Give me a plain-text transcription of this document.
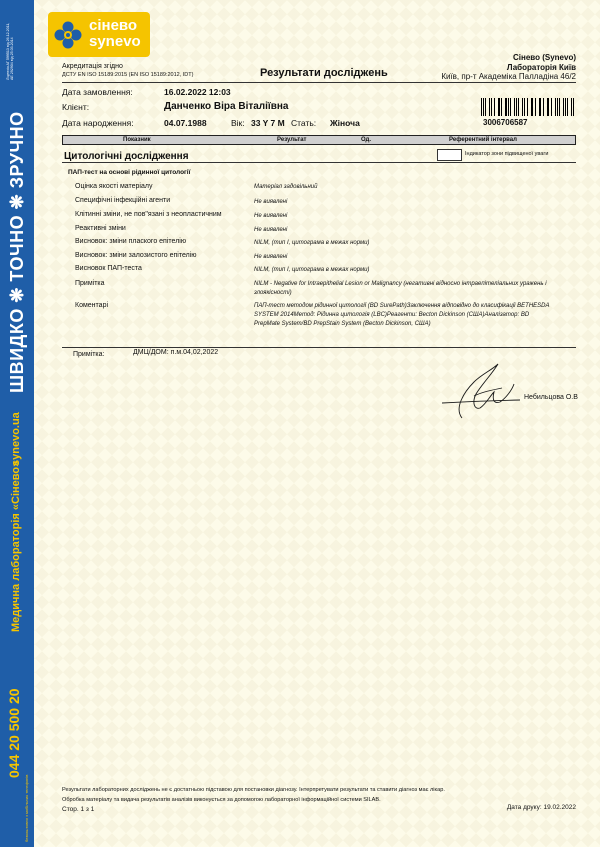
Ліцензія АГ 599513 від 26.12.2011, АЕ 292904 від 25.03.2014
ШВИДКО ❋ ТОЧНО ❋ ЗРУЧНО
synevo.ua
Медична лабораторія «Сінево»
044 20 500 20
безкоштовно з мобільних телефонів
сінево
synevo
Акредитація згідно
ДСТУ EN ISO 15189:2015 (EN ISO 15189:2012, IDT)	Результати досліджень
Сінево (Synevo)
Лабораторія Київ
Київ, пр-т Академіка Палладіна 46/2
Дата замовлення:	16.02.2022 12:03
Клієнт:	Данченко Віра Віталіївна
Дата народження:	04.07.1988	Вік: 33 Y 7 M Стать: Жіноча	3006706587
Показник	Результат	Од.	Референтний інтервал
Цитологічні дослідження	Індикатор зони підвищеної уваги
ПАП-тест на основі рідинної цитології
Оцінка якості матеріалу	Матеріал задовільний
Специфічні інфекційні агенти	Не виявлені
Клітинні зміни, не пов"язані з неопластичним	Не виявлені
Реактивні зміни	Не виявлені
Висновок: зміни плаского епітелію	NILM, (тип І, цитограма в межах норми)
Висновок: зміни залозистого епітелію	Не виявлені
Висновок ПАП-теста	NILM, (тип І, цитограма в межах норми)
Примітка	NILM - Negative for Intraepithelial Lesion or Malignancy (негативні відносно інтраепітеліальних уражень і злоякісності)
Коментарі	ПАП-тест методом рідинної цитології (BD SurePath)Заключення відповідно до класифікації BETHESDA SYSTEM 2014Метод: Рідинна цитологія (LBC)Реагенти: Becton Dickinson (США)Аналізатор: BD PrepMate System/BD PrepStain System (Becton Dickinson, США)
Примітка:	ДМЦ/ДОМ: п.м.04,02,2022
Небильцова О.В
Результати лабораторних досліджень не є достатньою підставою для постановки діагнозу. Інтерпретувати результати та ставити діагноз має лікар.
Обробка матеріалу та видача результатів аналізів виконується за допомогою лабораторної інформаційної системи SILAB.
Стор. 1 з 1	Дата друку: 19.02.2022
